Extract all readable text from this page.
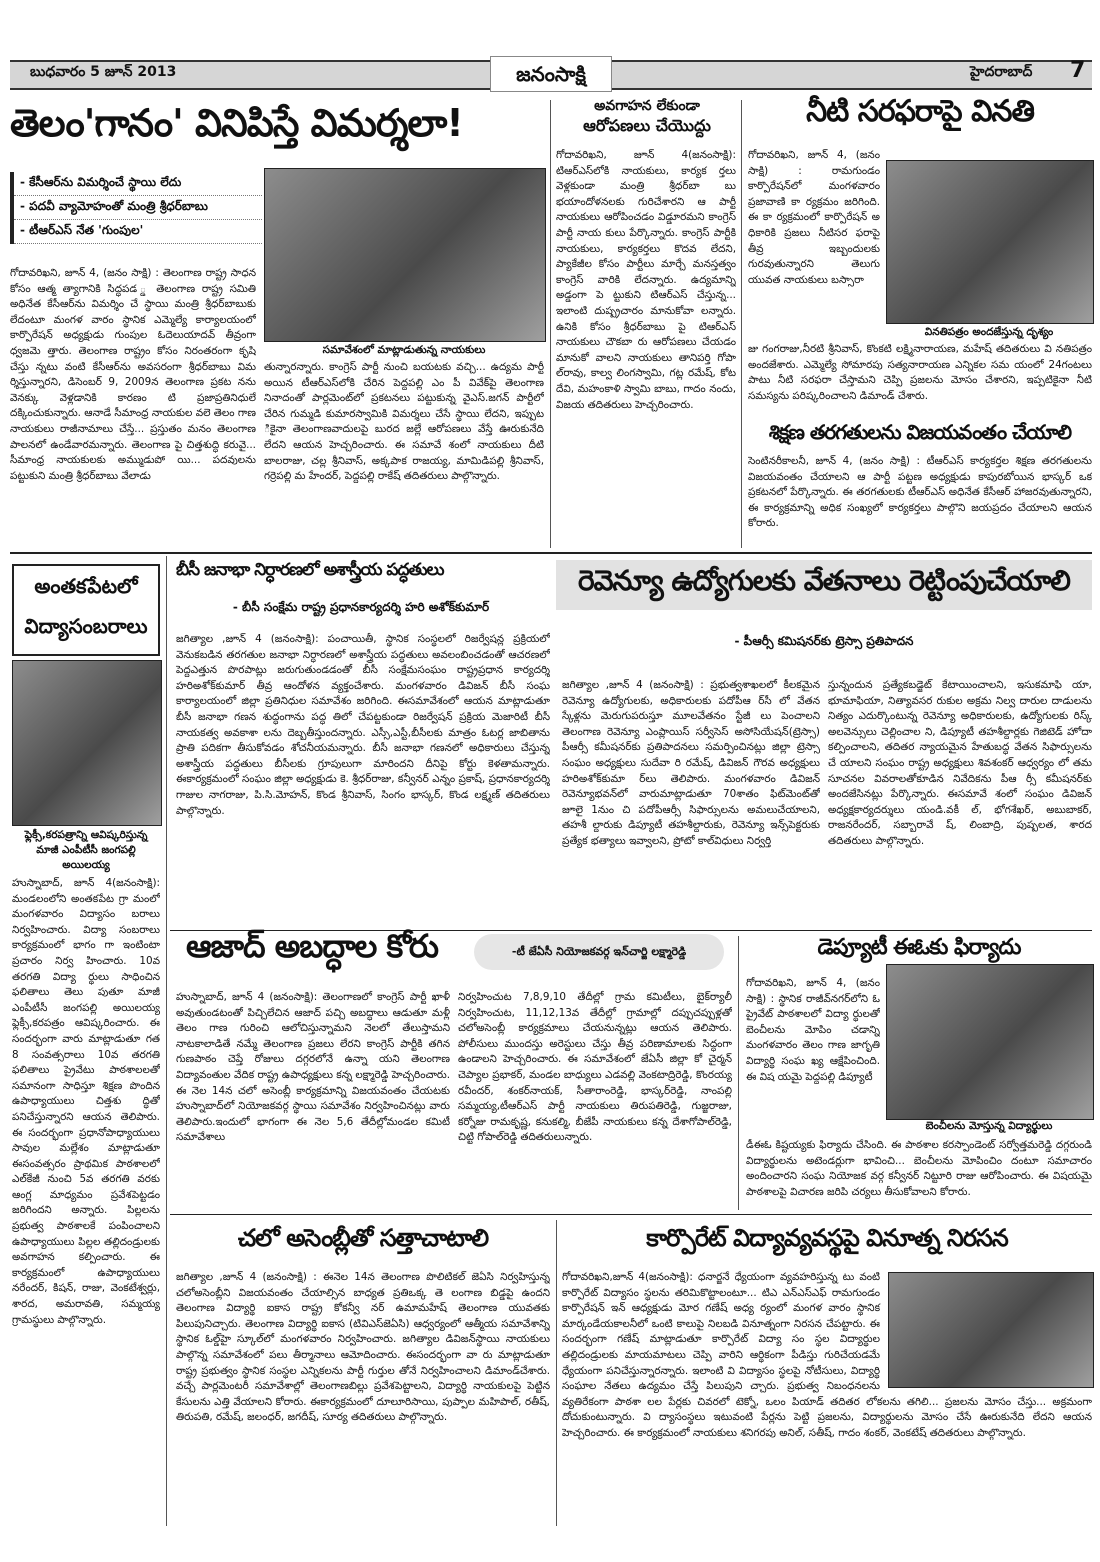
బుధవారం 5 జూన్ 2013	జనంసాక్షి	హైదరాబాద్ 7
తెలం'గానం' వినిపిస్తే విమర్శలా!
- కేసీఆర్‌ను విమర్శించే స్థాయి లేదు
- పదవీ వ్యామోహంతో మంత్రి శ్రీధర్‌బాబు
- టీఆర్‌ఎస్ నేత 'గుంపుల'
సమావేశంలో మాట్లాడుతున్న నాయకులు
గోదావరిఖని, జూన్ 4, (జనం సాక్షి) : తెలంగాణ రాష్ట్ర సాధన కోసం ఆత్మ త్యాగానికి సిద్ధపడ ్డ తెలంగాణ రాష్ట్ర సమితి అధినేత కేసీఆర్‌ను విమర్శిం చే స్థాయి మంత్రి శ్రీధర్‌బాబుకు లేదంటూ మంగళ వారం స్థానిక ఎమ్మెల్యే కార్యాలయంలో కార్పొరేషన్ అధ్యక్షుడు గుంపుల ఓదెలుయాదవ్ తీవ్రంగా ధ్వజమె త్తారు. తెలంగాణ రాష్ట్రం కోసం నిరంతరంగా కృషి చేస్తు న్నటు వంటి కేసీఆర్‌ను అవసరంగా శ్రీధర్‌బాబు విమ ర్శిస్తున్నారని, డిసెంబర్ 9, 2009న తెలంగాణ ప్రకట నను వెనక్కు వెళ్లడానికి కారణం టి ప్రజాప్రతినిధులే దక్కించుకున్నారు. ఆనాడే సీమాంధ్ర నాయకుల వలె తెలం గాణ నాయకులు రాజీనామాలు చేస్తే... ప్రస్తుతం మనం తెలంగాణ పాలనలో ఉండేవారమన్నారు. తెలంగాణ పై చిత్తశుద్ధి కరువై... సీమాంధ్ర నాయకులకు అమ్ముడుపో యి... పదవులను పట్టుకుని మంత్రి శ్రీధర్‌బాబు వేలాడు
తున్నారన్నారు. కాంగ్రెస్ పార్టీ నుంచి బయటకు వచ్చి... ఉద్యమ పార్టీ అయిన టీఆర్‌ఎస్‌లోకి చేరిన పెద్దపల్లి ఎం పీ వివేక్‌పై తెలంగాణ నినాదంతో పార్లమెంట్‌లో ప్రకటనలు పట్టుకున్న వైఎస్.జగన్ పార్టీలో చేరిన గుమ్మడి కుమారస్వామికి విమర్శలు చేసే స్థాయి లేదని, ఇప్పుట ికైనా తెలంగాణవాదులపై బురద జల్లే ఆరోపణలు వేస్తే ఊరుకునేది లేదని ఆయన హెచ్చరించారు. ఈ సమావే శంలో నాయకులు దీటి బాలరాజు, చల్ల శ్రీనివాస్, అక్కపాక రాజయ్య, మామిడిపల్లి శ్రీనివాస్, గర్రెపల్లి మ హేందర్, పెద్దపల్లి రాకేష్ తదితరులు పాల్గొన్నారు.
అవగాహన లేకుండా
ఆరోపణలు చేయొద్దు
గోదావరిఖని, జూన్ 4(జనంసాక్షి): టిఆర్ఎస్‌లోకి నాయకులు, కార్యక ర్తలు వెళ్లకుండా మంత్రి శ్రీధర్‌బా బు భయాందోళనలకు గురిచేశారని ఆ పార్టీ నాయకులు ఆరోపించడం విడ్డూరమని కాంగ్రెస్ పార్టీ నాయ కులు పేర్కొన్నారు. కాంగ్రెస్ పార్టీకి నాయకులు, కార్యకర్తలు కొదవ లేదని, ప్యాకేజీల కోసం పార్టీలు మార్చే మనస్తత్వం కాంగ్రెస్ వారికి లేదన్నారు. ఉద్యమాన్ని అడ్డంగా పె ట్టుకుని టిఆర్ఎస్ చేస్తున్న... ఇలాంటి దుష్ప్రచారం మానుకోవా లన్నారు. ఉనికి కోసం శ్రీధర్‌బాబు పై టిఆర్ఎస్ నాయకులు చౌకబా రు ఆరోపణలు చేయడం మానుకో వాలని నాయకులు తానిపర్తి గోపా ల్‌రావు, కాల్వ లింగస్వామి, గట్ల రమేష్, కోట దేవి, మహంకాళి స్వామి బాబు, గాదం నందు, విజయ తదితరులు హెచ్చరించారు.
నీటి సరఫరాపై వినతి
గోదావరిఖని, జూన్ 4, (జనం సాక్షి) : రామగుండం కార్పొరేషన్‌లో మంగళవారం ప్రజావాణి కా ర్యక్రమం జరిగింది. ఈ కా ర్యక్రమంలో కార్పొరేషన్ అ ధికారికి ప్రజలు నీటిసర ఫరాపై తీవ్ర ఇబ్బందులకు గురవుతున్నారని తెలుగు యువత నాయకులు బస్సారా
వినతిపత్రం అందజేస్తున్న దృశ్యం
జు గంగరాజు,నీరటి శ్రీనివాస్, కొంకటి లక్ష్మినారాయణ, మహేష్ తదితరులు వి నతిపత్రం అందజేశారు. ఎమ్మెల్యే సోమారపు సత్యనారాయణ ఎన్నికల సమ యంలో 24గంటలు పాటు నీటి సరఫరా చేస్తామని చెప్పి ప్రజలను మోసం చేశారని, ఇప్పటికైనా నీటి సమస్యను పరిష్కరించాలని డిమాండ్ చేశారు.
శిక్షణ తరగతులను విజయవంతం చేయాలి
సెంటినరీకాలనీ, జూన్ 4, (జనం సాక్షి) : టీఆర్ఎస్ కార్యకర్తల శిక్షణ తరగతులను విజయవంతం చేయాలని ఆ పార్టీ పట్టణ అధ్యక్షుడు కాపురబోయిన భాస్కర్ ఒక ప్రకటనలో పేర్కొన్నారు. ఈ తరగతులకు టీఆర్ఎస్ అధినేత కేసీఆర్ హాజరవుతున్నారని, ఈ కార్యక్రమాన్ని అధిక సంఖ్యలో కార్యకర్తలు పాల్గొని జయప్రదం చేయాలని ఆయన కోరారు.
అంతకపేటలో
విద్యాసంబరాలు
ఫ్లెక్సీ,కరపత్రాన్ని ఆవిష్కరిస్తున్న మాజీ ఎంపీటీసీ జంగపల్లి అయిలయ్య
హుస్నాబాద్, జూన్ 4(జనంసాక్షి): మండలంలోని అంతకపేట గ్రా మంలో మంగళవారం విద్యాసం బరాలు నిర్వహించారు. విద్యా సంబరాలు కార్యక్రమంలో భాగం గా ఇంటింటా ప్రచారం నిర్వ హించారు. 10వ తరగతి విద్యా ర్థులు సాధించిన ఫలితాలు తెలు పుతూ మాజీ ఎంపీటీసీ జంగపల్లి అయిలయ్య ఫ్లెక్సీ,కరపత్రం ఆవిష్కరించారు. ఈ సందర్భంగా వారు మాట్లాడుతూ గత 8 సంవత్సరాలు 10వ తరగతి ఫలితాలు ప్రైవేటు పాఠశాలలతో సమానంగా సాధిస్తూ శిక్షణ పొందిన ఉపాధ్యాయులు చిత్తశు ద్ధితో పనిచేస్తున్నారని ఆయన తెలిపారు. ఈ సందర్భంగా ప్రధానోపాధ్యాయులు సావుల మల్లేశం మాట్లాడుతూ ఈసంవత్సరం ప్రాథమిక పాఠశాలలో ఎల్‌కేజీ నుంచి 5వ తరగతి వరకు ఆంగ్ల మాధ్యమం ప్రవేశపెట్టడం జరిగిందని అన్నారు. పిల్లలను ప్రభుత్వ పాఠశాలకే పంపించాలని ఉపాధ్యాయులు పిల్లల తల్లిదండ్రులకు అవగాహన కల్పించారు. ఈ కార్యక్రమంలో ఉపాధ్యాయులు నరేందర్, కిషన్, రాజు, వెంకటేశ్వర్లు, శారద, అమరావతి, సమ్మయ్య గ్రామస్థులు పాల్గొన్నారు.
బీసీ జనాభా నిర్ధారణలో అశాస్త్రీయ పద్ధతులు
- బీసీ సంక్షేమ రాష్ట్ర ప్రధానకార్యదర్శి హరి అశోక్‌కుమార్
జగిత్యాల ,జూన్ 4 (జనంసాక్షి): పంచాయితీ, స్థానిక సంస్థలలో రిజర్వేషన్ల ప్రక్రియలో వెనుకబడిన తరగతుల జనాభా నిర్ధారణలో అశాస్త్రీయ పద్ధతులు అవలంబించడంతో ఆచరణలో పెద్దఎత్తున పొరపాట్లు జరుగుతుండడంతో బీసీ సంక్షేమసంఘం రాష్ట్రప్రధాన కార్యదర్శి హరిఅశోక్‌కుమార్ తీవ్ర ఆందోళన వ్యక్తంచేశారు. మంగళవారం డివిజన్ బీసీ సంఘ కార్యాలయంలో జిల్లా ప్రతినిధుల సమావేశం జరిగింది. ఈసమావేశంలో ఆయన మాట్లాడుతూ బీసీ జనాభా గణన శుద్ధంగాను పద్ధ తిలో చేపట్టకుండా రిజర్వేషన్ ప్రక్రియ మెజారిటీ బీసీ నాయకత్వ అవకాశా లను దెబ్బతీస్తుందన్నారు. ఎస్సీ,ఎస్టీ,బీసీలకు మాత్రం ఓటర్ల జాబితాను ప్రాతి పదికగా తీసుకోవడం శోచనీయమన్నారు. బీసీ జనాభా గణనలో అధికారులు చేస్తున్న అశాస్త్రీయ పద్ధతులు బీసీలకు గ్రూపులుగా మారిందని దీనిపై కోర్టు కెళతామన్నారు. ఈకార్యక్రమంలో సంఘం జిల్లా అధ్యక్షుడు కె. శ్రీధర్‌రాజు, కన్వీనర్ ఎన్నం ప్రకాష్, ప్రధానకార్యదర్శి గాజుల నాగరాజు, పి.సి.మోహన్, కొండ శ్రీనివాస్, సింగం భాస్కర్, కొండ లక్ష్మణ్ తదితరులు పాల్గొన్నారు.
రెవెన్యూ ఉద్యోగులకు వేతనాలు రెట్టింపుచేయాలి
- పీఆర్సీ కమిషనర్‌కు ట్రెస్సా ప్రతిపాదన
జగిత్యాల ,జూన్ 4 (జనంసాక్షి) : ప్రభుత్వశాఖలలో కీలకమైన రెవెన్యూ ఉద్యోగులకు, అధికారులకు పదోపీఆ ర్‌సీ లో వేతన స్కేళ్లను మెరుగుపరుస్తూ మూలవేతనం స్టేజీ లు పెంచాలని తెలంగాణ రెవెన్యూ ఎంప్లాయిస్ సర్వీసెస్ అసోసియేషన్(ట్రెస్సా) పీఆర్సీ కమీషనర్‌కు ప్రతిపాదనలు సమర్పించినట్లు జిల్లా ట్రెస్సా సంఘం అధ్యక్షులు సుదేవా రి రమేష్, డివిజన్ గౌరవ అధ్యక్షులు హరిఅశోక్‌కుమా ర్‌లు తెలిపారు. మంగళవారం డివిజన్ రెవెన్యూభవన్‌లో వారుమాట్లాడుతూ 70శాతం ఫిట్‌మెంట్‌తో జూలై 1నుం చి పదోపీఆర్సీ సిఫార్సులను అమలుచేయాలని, తహశీ ల్దారుకు డిప్యూటీ తహశీల్దారుకు, రెవెన్యూ ఇన్స్‌పెక్టరుకు ప్రత్యేక భత్యాలు ఇవ్వాలని, ప్రోటో కాల్‌విధులు నిర్వర్తి
స్తున్నందున ప్రత్యేకబడ్జెట్ కేటాయించాలని, ఇసుకమాఫి యా, భూమాఫియా, నిత్యావసర రుకుల అక్రమ నిల్వ దారుల దాడులను నిత్యం ఎదుర్కొంటున్న రెవెన్యూ అధికారులకు, ఉద్యోగులకు రిస్క్ అలవెన్సులు చెల్లించాల ని, డిప్యూటీ తహశీల్దార్లకు గెజిటెడ్ హోదా కల్పించాలని, తదితర న్యాయమైన హేతుబద్ధ వేతన సిఫార్సులను చే యాలని సంఘం రాష్ట్ర అధ్యక్షులు శివశంకర్ ఆధ్వర్యం లో తమ సూచనల వివరాలతోకూడిన నివేదికను పీఆ ర్సీ కమీషనర్‌కు అందజేసినట్లు పేర్కొన్నారు. ఈసమావే శంలో సంఘం డివిజన్ అధ్యక్షకార్యదర్శులు యండి.వకీ ల్, భోగశేఖర్, అబుబాకర్, రాజనరేందర్, సబ్బారావే ష్, లింబాద్రి, పుష్పలత, శారద తదితరులు పాల్గొన్నారు.
ఆజాద్ అబద్ధాల కోరు	-టీ జేఏసీ నియోజకవర్గ ఇన్‌చార్జి లక్ష్మారెడ్డి
హుస్నాబాద్, జూన్ 4 (జనంసాక్షి): తెలంగాణలో కాంగ్రెస్ పార్టీ ఖాళీ అవుతుండటంతో పిచ్చిలేచిన ఆజాద్ పచ్చి అబద్ధాలు ఆడుతూ మళ్లీ తెలం గాణ గురించి ఆలోచిస్తున్నామని నెలలో తేలుస్తామని నాటకాలాడితే నమ్మే తెలంగాణ ప్రజలు లేరని కాంగ్రెస్ పార్టీకి తగిన గుణపాఠం చెప్తే రోజులు దగ్గరలోనే ఉన్నా యని తెలంగాణ విద్యావంతుల వేదిక రాష్ట్ర ఉపాధ్యక్షులు కన్న లక్ష్మారెడ్డి హెచ్చరించారు. ఈ నెల 14న చలో అసెంబ్లీ కార్యక్రమాన్ని విజయవంతం చేయటకు హుస్నాబాద్‌లో నియోజకవర్గ స్థాయి సమావేశం నిర్వహించినట్లు వారు తెలిపారు.ఇందులో భాగంగా ఈ నెల 5,6 తేదీల్లోమండల కమిటీ సమావేశాలు
నిర్వహించుట 7,8,9,10 తేదీల్లో గ్రామ కమిటీలు, బైక్‌ర్యాలీ నిర్వహించుట, 11,12,13వ తేదీల్లో గ్రామాల్లో దప్పుచప్పుళ్లతో చలోఅసెంబ్లీ కార్యక్రమాలు చేయనున్నట్లు ఆయన తెలిపారు. పోలీసులు ముందస్తు అరెస్టులు చేస్తు తీవ్ర పరిణామాలకు సిద్ధంగా ఉండాలని హెచ్చరించారు. ఈ సమావేశంలో జేఏసీ జిల్లా కో చైర్మన్ చెప్యాల ప్రభాకర్, మండల బాధ్యులు ఎడవల్లి వెంకటాద్రిరెడ్డి, కొంరయ్య రవీందర్, శంకర్‌నాయక్, సీతారాంరెడ్డి, భాస్కర్‌రెడ్డి, నాంపల్లి సమ్మయ్య,టీఆర్ఎస్ పార్టీ నాయకులు తిరుపతిరెడ్డి, గుజ్జరాజు, కర్నోజు రామకృష్ణ, కనుకల్మి, బీజేపీ నాయకులు కన్న దేశాగోపాల్‌రెడ్డి, చిట్టి గోపాల్‌రెడ్డి తదితరులున్నారు.
డెప్యూటీ ఈఓకు ఫిర్యాదు
గోదావరిఖని, జూన్ 4, (జనం సాక్షి) : స్థానిక రాజీవ్‌నగర్‌లోని ఓ ప్రైవేట్ పాఠశాలలో విద్యా ర్థులతో బెంచీలను మోపిం చడాన్ని మంగళవారం తెలం గాణ జాగృతి విద్యార్థి సంఘ ఖ్య ఆక్షేపించింది. ఈ విష యమై పెద్దపల్లి డిప్యూటీ
బెంచీలను మోస్తున్న విద్యార్థులు
డీఈఓ కిష్టయ్యకు ఫిర్యాదు చేసింది. ఈ పాఠశాల కరస్పాండెంట్ సర్వోత్తమరెడ్డి దగ్గరుండి విద్యార్థులను అటెండర్లుగా భావించి... బెంచీలను మోపించిం దంటూ సమాచారం అందించారని సంఘ నియోజక వర్గ కన్వీనర్ నిట్టూరి రాజు ఆరోపించారు. ఈ విషయమై పాఠశాలపై విచారణ జరిపి చర్యలు తీసుకోవాలని కోరారు.
చలో అసెంబ్లీతో సత్తాచాటాలి
జగిత్యాల ,జూన్ 4 (జనంసాక్షి) : ఈనెల 14న తెలంగాణ పొలిటికల్ జెఏసి నిర్వహిస్తున్న చలోఅసెంబ్లీని విజయవంతం చేయాల్సిన బాధ్యత ప్రతిఒక్క తె లంగాణ బిడ్డపై ఉందని తెలంగాణ విద్యార్థి ఐకాస రాష్ట్ర కోకన్వీ నర్ ఉమామహేష్ తెలంగాణ యువతకు పిలుపునిచ్చారు. తెలంగాణ విద్యార్థి ఐకాస (టివిఎస్‌జెఏసి) ఆధ్వర్యంలో ఆత్మీయ సమావేశాన్ని స్థానిక ఓల్డ్‌హై స్కూల్‌లో మంగళవారం నిర్వహించారు. జగిత్యాల డివిజన్‌స్థాయి నాయకులు పాల్గొన్న సమావేశంలో పలు తీర్మానాలు ఆమోదించారు. ఈసందర్భంగా వా రు మాట్లాడుతూ రాష్ట్ర ప్రభుత్వం స్థానిక సంస్థల ఎన్నికలను పార్టీ గుర్తుల తోనే నిర్వహించాలని డిమాండ్‌చేశారు. వచ్చే పార్లమెంటరీ సమావేశాల్లో తెలంగాణబిల్లు ప్రవేశపెట్టాలని, విద్యార్థి నాయకులపై పెట్టిన కేసులను ఎత్తి వేయాలని కోరారు. ఈకార్యక్రమంలో దూలూరిసాయి, పుప్పాల మహిపాల్, రతీష్, తిరుపతి, రమేష్, జలంధర్, జగదీష్, సూర్య తదితరులు పాల్గొన్నారు.
కార్పొరేట్ విద్యావ్యవస్థపై వినూత్న నిరసన
గోదావరిఖని,జూన్ 4(జనంసాక్షి): ధనార్జనే ధ్యేయంగా వ్యవహరిస్తున్న టు వంటి కార్పొరేట్ విద్యాసం స్థలను తరిమికొట్టాలంటూ... టిఎ ఎన్ఎస్ఎఫ్ రామగుండం కార్పొరేషన్ ఇన్‌ ఆధ్యక్షుడు మోర గణేష్ అధ్య ర్యంలో మంగళ వారం స్థానిక మార్కండేయకాలనీలో ఒంటి కాలుపై నిలబడి వినూత్నంగా నిరసన చేపట్టారు. ఈ సందర్భంగా గణేష్ మాట్లాడుతూ కార్పొరేట్ విద్యా సం స్థల విద్యార్థుల తల్లిదండ్రులకు మాయమాటలు చెప్పి వారిని ఆర్థికంగా పీడిస్తు గురిచేయడమే ధ్యేయంగా పనిచేస్తున్నారన్నారు. ఇలాంటి వి విద్యాసం స్థలపై నోటీసులు, విద్యార్థి సంఘాల నేతలు ఉద్యమం చేస్తే పిలుపుని చ్చారు. ప్రభుత్వ నిబంధనలను వ్యతిరేకంగా పాఠశా లల పేర్లకు చివరలో టెక్నో, ఒలం పియాడ్ తదితర లోకలను తగిలి... ప్రజలను మోసం చేస్తు... అక్రమంగా దోచుకుంటున్నారు. వి ద్యాసంస్థలు ఇటువంటి పేర్లను పెట్టి ప్రజలను, విద్యార్థులను మోసం చేసే ఊరుకునేది లేదని ఆయన హెచ్చరించారు. ఈ కార్యక్రమంలో నాయకులు శనిగరపు అనిల్, సతీష్, గాదం శంకర్, వెంకటేష్ తదితరులు పాల్గొన్నారు.
